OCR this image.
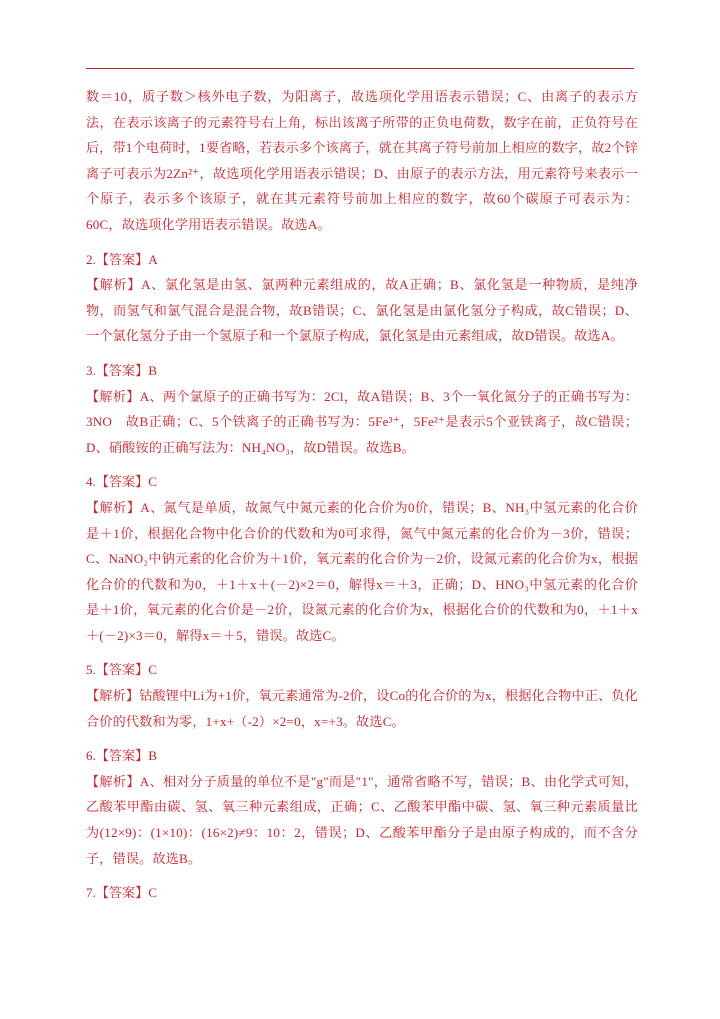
数＝10，质子数＞核外电子数，为阳离子，故选项化学用语表示错误；C、由离子的表示方法，在表示该离子的元素符号右上角，标出该离子所带的正负电荷数，数字在前，正负符号在后，带1个电荷时，1要省略，若表示多个该离子，就在其离子符号前加上相应的数字，故2个锌离子可表示为2Zn²⁺，故选项化学用语表示错误；D、由原子的表示方法，用元素符号来表示一个原子，表示多个该原子，就在其元素符号前加上相应的数字，故60个碳原子可表示为：60C，故选项化学用语表示错误。故选A。

2.【答案】A

【解析】A、氯化氢是由氢、氯两种元素组成的，故A正确；B、氯化氢是一种物质，是纯净物，而氢气和氯气混合是混合物，故B错误；C、氯化氢是由氯化氢分子构成，故C错误；D、一个氯化氢分子由一个氢原子和一个氯原子构成，氯化氢是由元素组成，故D错误。故选A。

3.【答案】B

【解析】A、两个氯原子的正确书写为：2Cl，故A错误；B、3个一氧化氮分子的正确书写为：3NO　故B正确；C、5个铁离子的正确书写为：5Fe³⁺，5Fe²⁺是表示5个亚铁离子，故C错误；D、硝酸铵的正确写法为：NH₄NO₃，故D错误。故选B。

4.【答案】C

【解析】A、氮气是单质，故氮气中氮元素的化合价为0价，错误；B、NH₃中氢元素的化合价是＋1价，根据化合物中化合价的代数和为0可求得，氮气中氮元素的化合价为－3价，错误；C、NaNO₂中钠元素的化合价为＋1价，氧元素的化合价为－2价，设氮元素的化合价为x，根据化合价的代数和为0，＋1＋x＋(－2)×2＝0，解得x＝＋3，正确；D、HNO₃中氢元素的化合价是＋1价，氧元素的化合价是－2价，设氮元素的化合价为x，根据化合价的代数和为0，＋1＋x＋(－2)×3＝0，解得x＝＋5，错误。故选C。

5.【答案】C

【解析】钴酸锂中Li为+1价，氧元素通常为-2价，设Co的化合价的为x，根据化合物中正、负化合价的代数和为零，1+x+（-2）×2=0，x=+3。故选C。

6.【答案】B

【解析】A、相对分子质量的单位不是"g"而是"1"，通常省略不写，错误；B、由化学式可知，乙酸苯甲酯由碳、氢、氧三种元素组成，正确；C、乙酸苯甲酯中碳、氢、氧三种元素质量比为(12×9)：(1×10)：(16×2)≠9：10：2，错误；D、乙酸苯甲酯分子是由原子构成的，而不含分子，错误。故选B。

7.【答案】C
